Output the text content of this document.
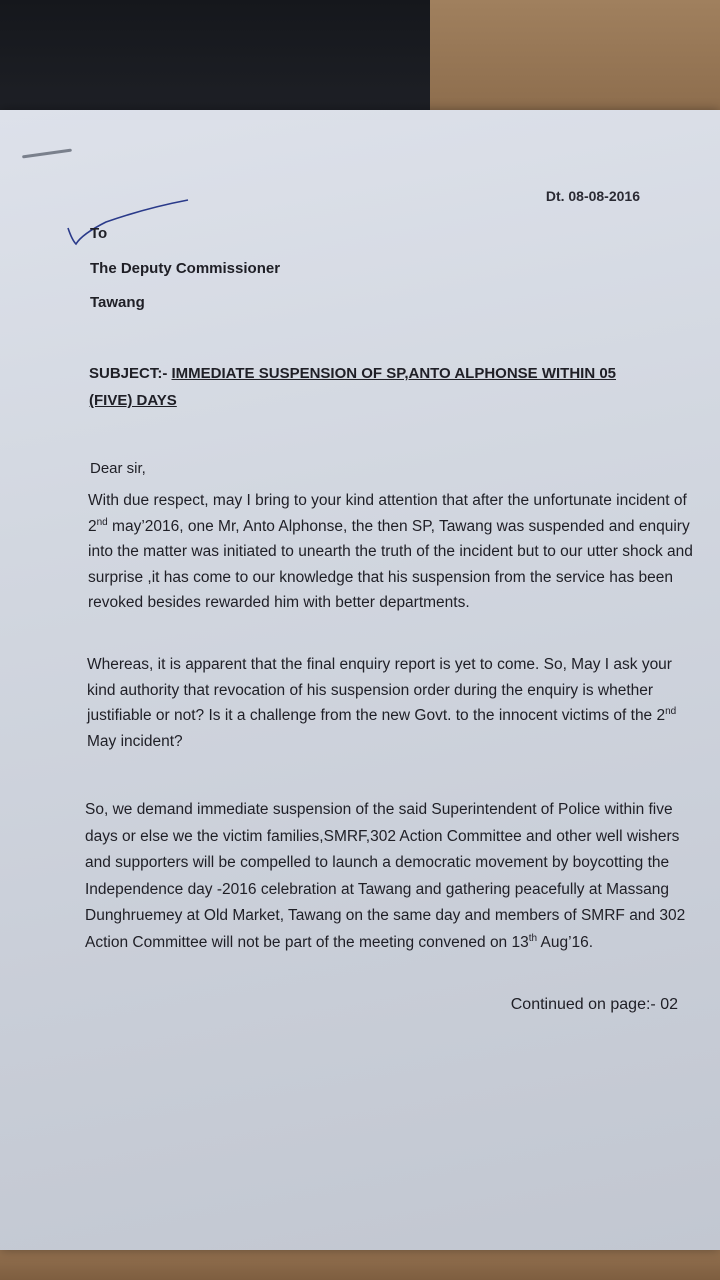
Dt. 08-08-2016
To
The Deputy Commissioner
Tawang
SUBJECT:- IMMEDIATE SUSPENSION OF SP,ANTO ALPHONSE WITHIN 05 (FIVE) DAYS
Dear sir,
With due respect, may I bring to your kind attention that after the unfortunate incident of 2nd may’2016, one Mr, Anto Alphonse, the then SP, Tawang was suspended and enquiry into the matter was initiated to unearth the truth of the incident but to our utter shock and surprise ,it has come to our knowledge that his suspension from the service has been revoked besides rewarded him with better departments.
Whereas, it is apparent that the final enquiry report is yet to come. So, May I ask your kind authority that revocation of his suspension order during the enquiry is whether justifiable or not? Is it a challenge from the new Govt. to the innocent victims of the 2nd May incident?
So, we demand immediate suspension of the said Superintendent of Police within five days or else we the victim families,SMRF,302 Action Committee and other well wishers and supporters will be compelled to launch a democratic movement by boycotting the Independence day -2016 celebration at Tawang and gathering peacefully at Massang Dunghruemey at Old Market, Tawang on the same day and members of SMRF and 302 Action Committee will not be part of the meeting convened on 13th Aug’16.
Continued on page:- 02
